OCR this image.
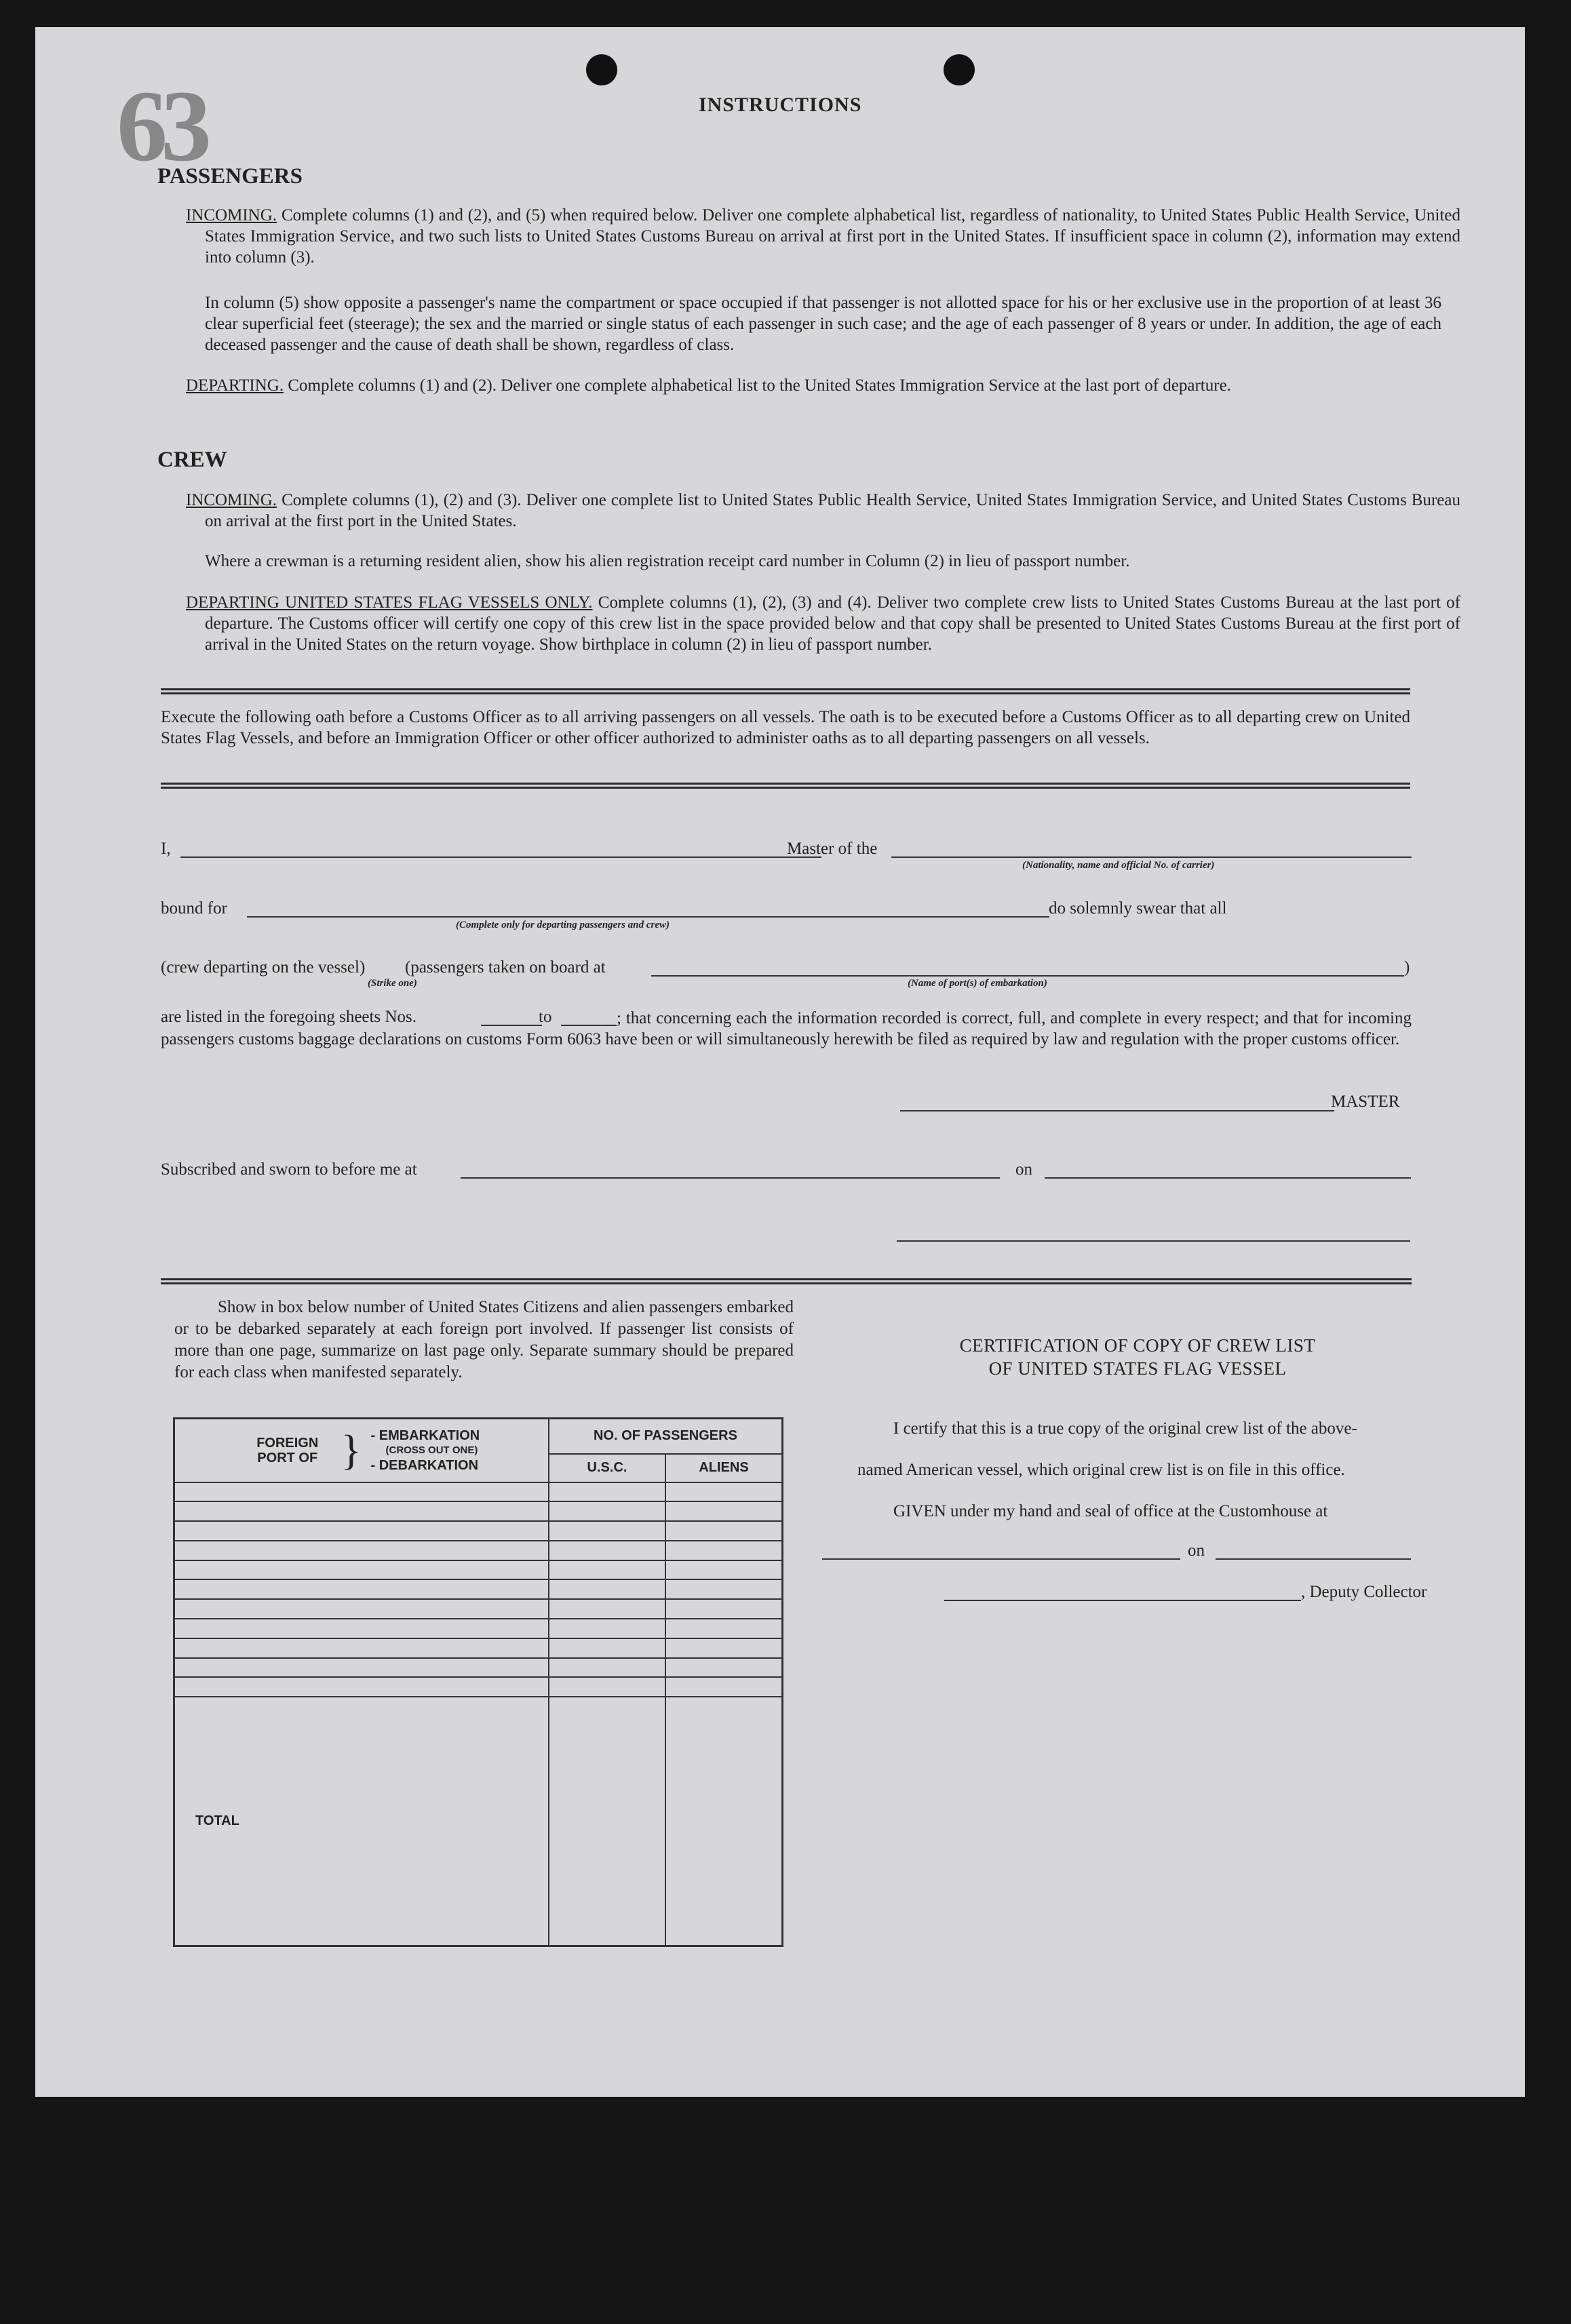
63	INSTRUCTIONS
PASSENGERS
INCOMING. Complete columns (1) and (2), and (5) when required below. Deliver one complete alphabetical list, regardless of nationality, to United States Public Health Service, United States Immigration Service, and two such lists to United States Customs Bureau on arrival at first port in the United States. If insufficient space in column (2), information may extend into column (3).
In column (5) show opposite a passenger's name the compartment or space occupied if that passenger is not allotted space for his or her exclusive use in the proportion of at least 36 clear superficial feet (steerage); the sex and the married or single status of each passenger in such case; and the age of each passenger of 8 years or under. In addition, the age of each deceased passenger and the cause of death shall be shown, regardless of class.
DEPARTING. Complete columns (1) and (2). Deliver one complete alphabetical list to the United States Immigration Service at the last port of departure.
CREW
INCOMING. Complete columns (1), (2) and (3). Deliver one complete list to United States Public Health Service, United States Immigration Service, and United States Customs Bureau on arrival at the first port in the United States.
Where a crewman is a returning resident alien, show his alien registration receipt card number in Column (2) in lieu of passport number.
DEPARTING UNITED STATES FLAG VESSELS ONLY. Complete columns (1), (2), (3) and (4). Deliver two complete crew lists to United States Customs Bureau at the last port of departure. The Customs officer will certify one copy of this crew list in the space provided below and that copy shall be presented to United States Customs Bureau at the first port of arrival in the United States on the return voyage. Show birthplace in column (2) in lieu of passport number.
Execute the following oath before a Customs Officer as to all arriving passengers on all vessels. The oath is to be executed before a Customs Officer as to all departing crew on United States Flag Vessels, and before an Immigration Officer or other officer authorized to administer oaths as to all departing passengers on all vessels.
I,	Master of the
(Nationality, name and official No. of carrier)
bound for
(Complete only for departing passengers and crew)
do solemnly swear that all
(crew departing on the vessel) (passengers taken on board at	)
(Strike one)	(Name of port(s) of embarkation)
are listed in the foregoing sheets Nos.	to	; that concerning each the information recorded is correct, full, and complete in every respect; and that for incoming passengers customs baggage declarations on customs Form 6063 have been or will simultaneously herewith be filed as required by law and regulation with the proper customs officer.
MASTER
Subscribed and sworn to before me at	on
Show in box below number of United States Citizens and alien passengers embarked or to be debarked separately at each foreign port involved. If passenger list consists of more than one page, summarize on last page only. Separate summary should be prepared for each class when manifested separately.
FOREIGN PORT OF } - EMBARKATION
(CROSS OUT ONE)
- DEBARKATION	NO. OF PASSENGERS	
	U.S.C.	ALIENS

TOTAL		
CERTIFICATION OF COPY OF CREW LIST
OF UNITED STATES FLAG VESSEL

I certify that this is a true copy of the original crew list of the above-

named American vessel, which original crew list is on file in this office.

GIVEN under my hand and seal of office at the Customhouse at

on
, Deputy Collector
